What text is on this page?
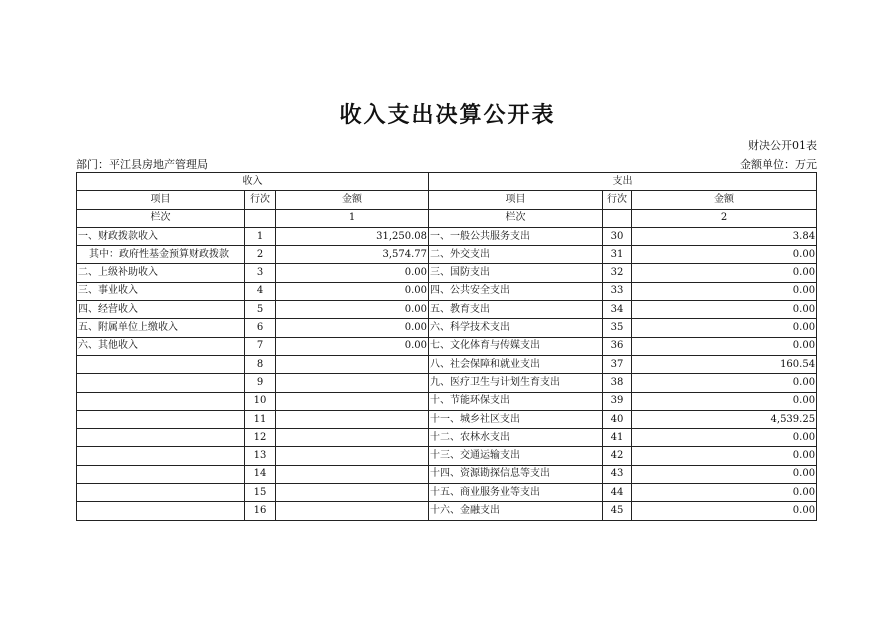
收入支出决算公开表
财决公开01表
部门：平江县房地产管理局	金额单位：万元
收入			支出		
项目	行次	金额	项目	行次	金额
栏次		1	栏次		2
一、财政拨款收入	1	31,250.08	一、一般公共服务支出	30	3.84
其中：政府性基金预算财政拨款	2	3,574.77	二、外交支出	31	0.00
二、上级补助收入	3	0.00	三、国防支出	32	0.00
三、事业收入	4	0.00	四、公共安全支出	33	0.00
四、经营收入	5	0.00	五、教育支出	34	0.00
五、附属单位上缴收入	6	0.00	六、科学技术支出	35	0.00
六、其他收入	7	0.00	七、文化体育与传媒支出	36	0.00
	8		八、社会保障和就业支出	37	160.54
	9		九、医疗卫生与计划生育支出	38	0.00
	10		十、节能环保支出	39	0.00
	11		十一、城乡社区支出	40	4,539.25
	12		十二、农林水支出	41	0.00
	13		十三、交通运输支出	42	0.00
	14		十四、资源勘探信息等支出	43	0.00
	15		十五、商业服务业等支出	44	0.00
	16		十六、金融支出	45	0.00
